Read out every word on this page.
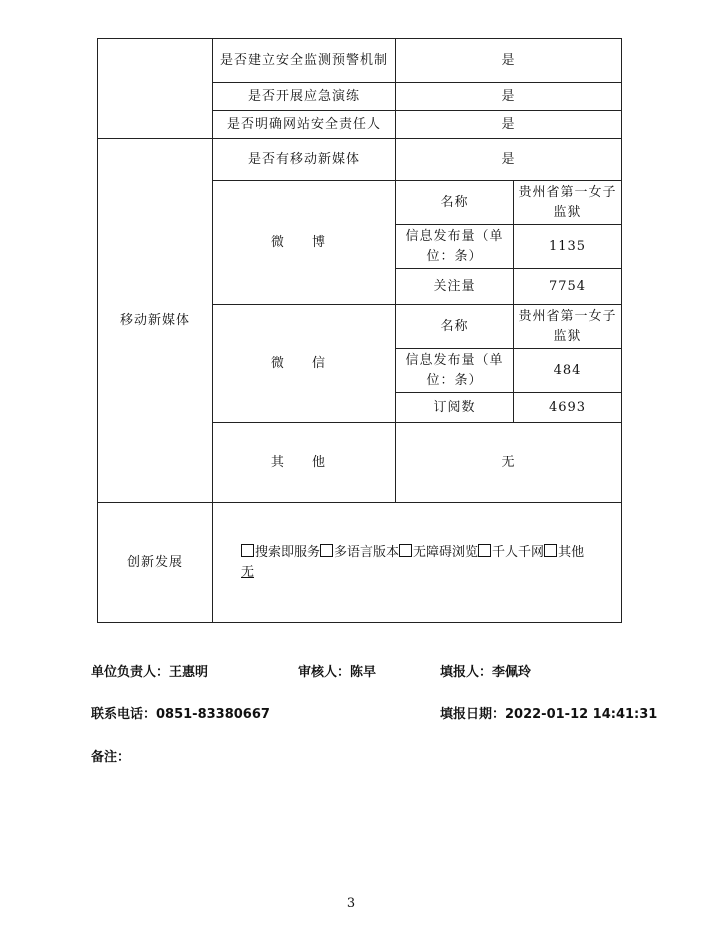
	是否建立安全监测预警机制	是	
	是否开展应急演练	是	
	是否明确网站安全责任人	是	
移动新媒体	是否有移动新媒体	是	
	微 博	名称	贵州省第一女子监狱
		信息发布量（单位：条）	1135
		关注量	7754
	微 信	名称	贵州省第一女子监狱
		信息发布量（单位：条）	484
		订阅数	4693
	其 他	无	
创新发展	搜索即服务 多语言版本 无障碍浏览 千人千网 其他
无		
单位负责人：王惠明	审核人：陈早	填报人：李佩玲
联系电话：0851-83380667	填报日期：2022-01-12 14:41:31
备注：
3
